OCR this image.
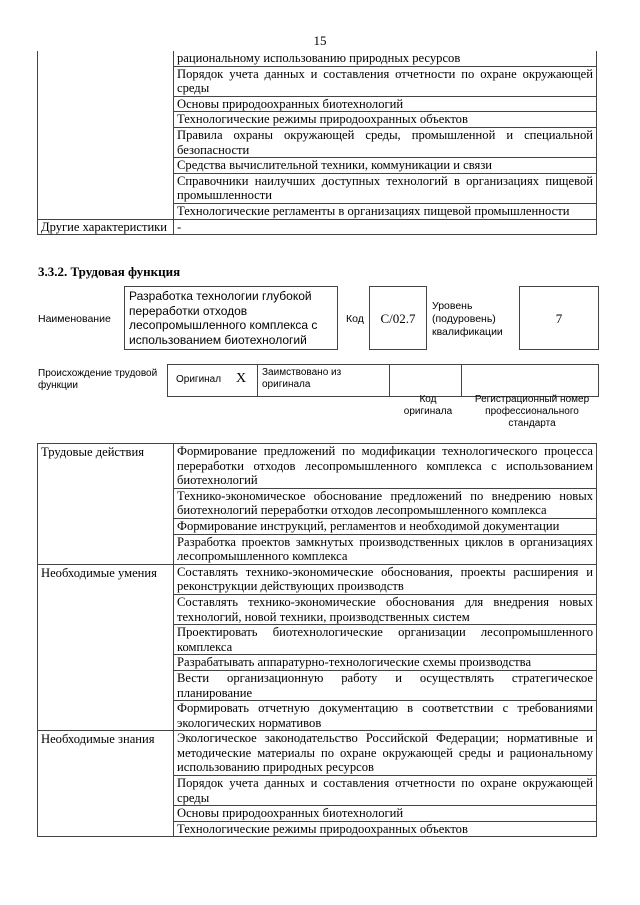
15
	рациональному использованию природных ресурсов
	Порядок учета данных и составления отчетности по охране окружающей среды
	Основы природоохранных биотехнологий
	Технологические режимы природоохранных объектов
	Правила охраны окружающей среды, промышленной и специальной безопасности
	Средства вычислительной техники, коммуникации и связи
	Справочники наилучших доступных технологий в организациях пищевой промышленности
	Технологические регламенты в организациях пищевой промышленности
Другие характеристики	-
3.3.2. Трудовая функция
Наименование
Разработка технологии глубокой переработки отходов лесопромышленного комплекса с использованием биотехнологий
Код	C/02.7
Уровень (подуровень) квалификации
7
Происхождение трудовой функции
Оригинал X Заимствовано из оригинала
Код оригинала
Регистрационный номер профессионального стандарта
Трудовые действия	Формирование предложений по модификации технологического процесса переработки отходов лесопромышленного комплекса с использованием биотехнологий
	Технико-экономическое обоснование предложений по внедрению новых биотехнологий переработки отходов лесопромышленного комплекса
	Формирование инструкций, регламентов и необходимой документации
	Разработка проектов замкнутых производственных циклов в организациях лесопромышленного комплекса
Необходимые умения	Составлять технико-экономические обоснования, проекты расширения и реконструкции действующих производств
	Составлять технико-экономические обоснования для внедрения новых технологий, новой техники, производственных систем
	Проектировать биотехнологические организации лесопромышленного комплекса
	Разрабатывать аппаратурно-технологические схемы производства
	Вести организационную работу и осуществлять стратегическое планирование
	Формировать отчетную документацию в соответствии с требованиями экологических нормативов
Необходимые знания	Экологическое законодательство Российской Федерации; нормативные и методические материалы по охране окружающей среды и рациональному использованию природных ресурсов
	Порядок учета данных и составления отчетности по охране окружающей среды
	Основы природоохранных биотехнологий
	Технологические режимы природоохранных объектов
